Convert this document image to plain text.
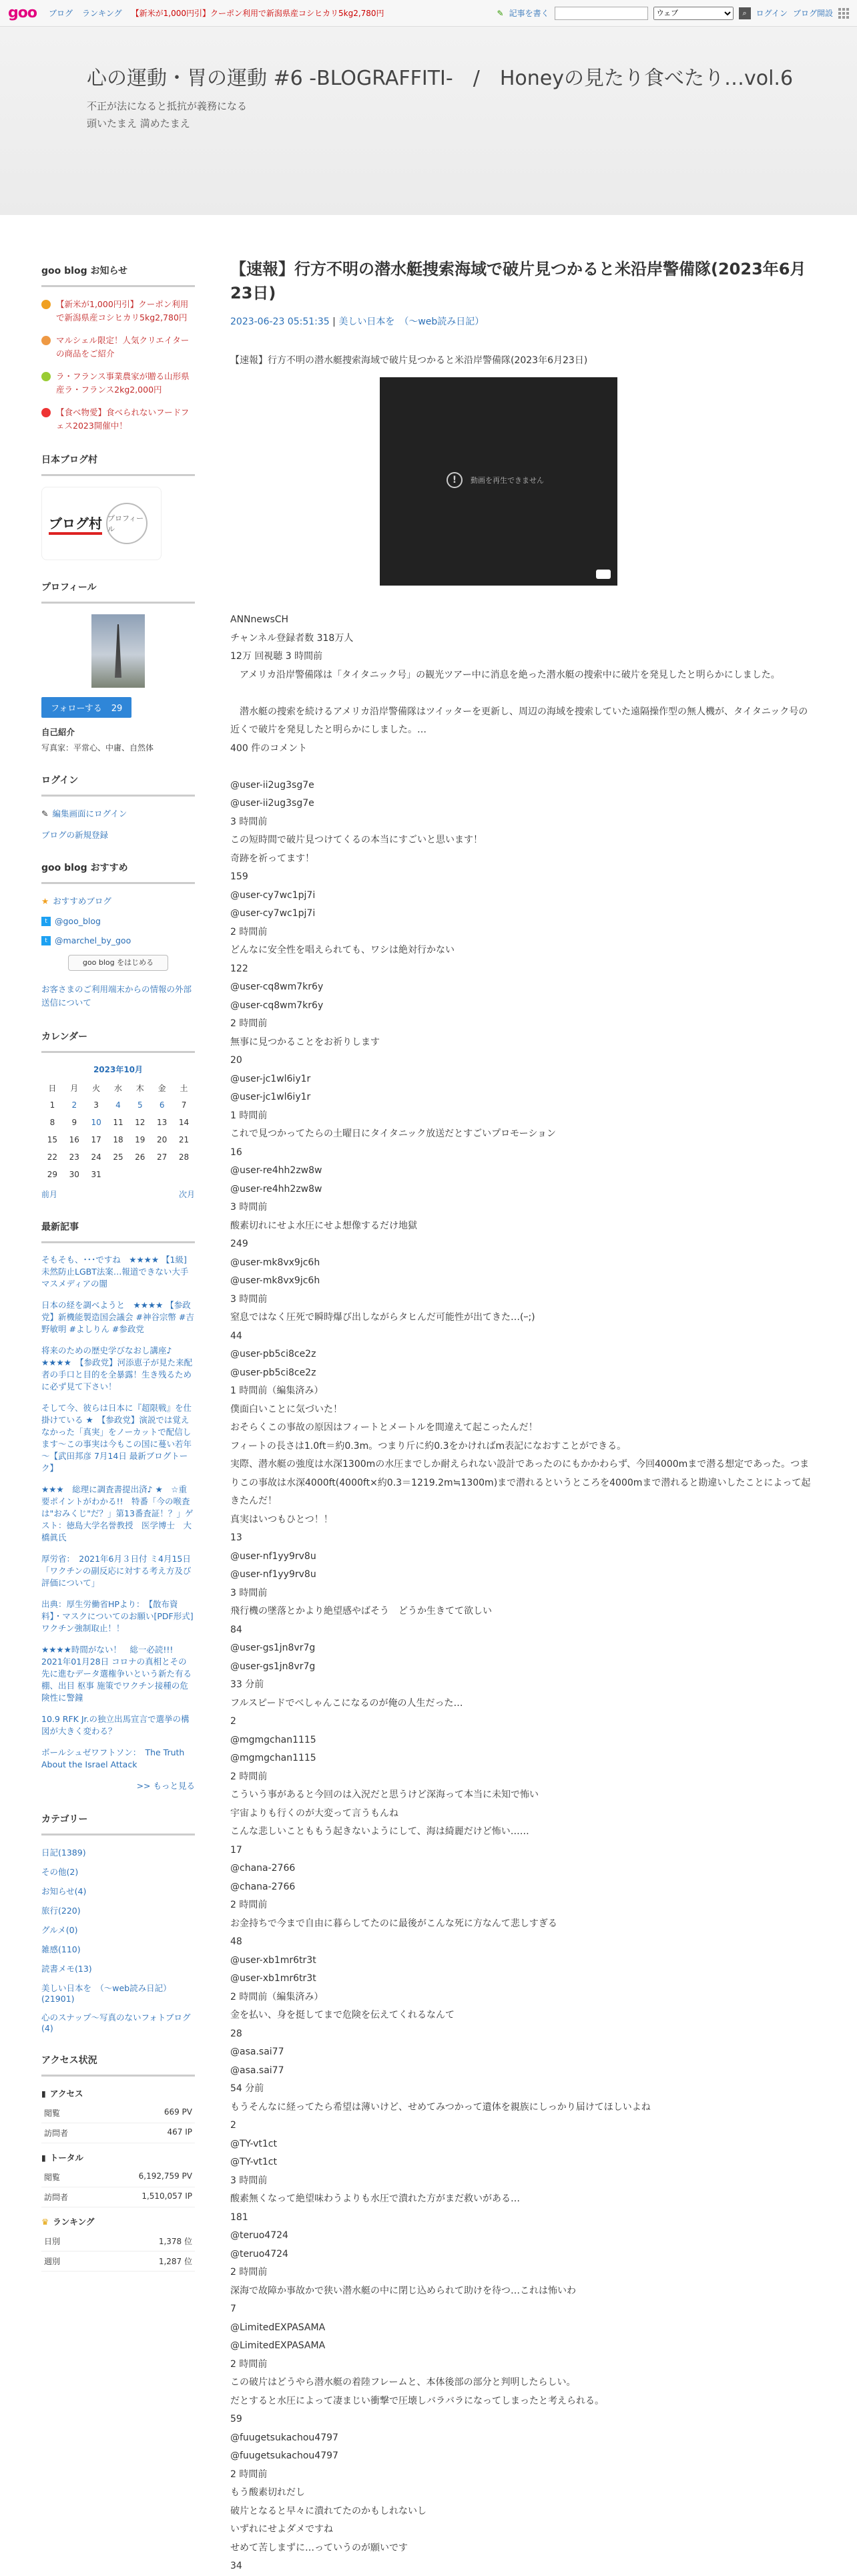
goo ブログ ランキング 【新米が1,000円引】クーポン利用で新潟県産コシヒカリ5kg2,780円	✎ 記事を書く
ウェブ	⌕	ログイン ブログ開設
心の運動・胃の運動 #6 -BLOGRAFFITI-　/　Honeyの見たり食べたり…vol.6
不正が法になると抵抗が義務になる
頭いたまえ 満めたまえ
goo blog お知らせ
【新米が1,000円引】クーポン利用で新潟県産コシヒカリ5kg2,780円
マルシェル限定！人気クリエイターの商品をご紹介
ラ・フランス事業農家が贈る山形県産ラ・フランス2kg2,000円
【食べ物愛】食べられないフードフェス2023開催中！
日本ブログ村
ブログ村 プロフィール
プロフィール
フォローする 29
自己紹介
写真家：平常心、中庸、自然体
ログイン
✎ 編集画面にログイン
ブログの新規登録
goo blog おすすめ
★ おすすめブログ
t @goo_blog
t @marchel_by_goo
goo blog をはじめる
お客さまのご利用端末からの情報の外部送信について
カレンダー
2023年10月
日	月	火	水	木	金	土
1	2	3	4	5	6	7
8	9	10	11	12	13	14
15	16	17	18	19	20	21
22	23	24	25	26	27	28
29	30	31				
前月	次月
最新記事
そもそも、･･･ですね　★★★★ 【1級]未然防止LGBT法案…報道できない大手マスメディアの闇
日本の経を調べようと　★★★★ 【参政党】新機能製造国会議会 #神谷宗幣 #吉野敏明 #よしりん #参政党
将来のための歴史学びなおし講座♪　★★★★　【参政党】河添恵子が見た来配者の手口と目的を全暴露！生き残るために必ず見て下さい！
そして今、彼らは日本に『超限戦』を仕掛けている ★　【参政党】演説では覚えなかった「真実」をノーカットで配信します～この事実は今もこの国に蔓い若年～【武田邦彦 7月14日 最新ブログトーク】
★★★　総理に調査書提出済♪ ★　☆重要ポイントがわかる!!　特番「今の喉査は"おみくじ"だ？」第13番査証！？」ゲスト：徳島大学名誉教授　医学博士　大橋眞氏
厚労省：　2021年6月３日付 ミ4月15日「ワクチンの副反応に対する考え方及び評価について」
出典：厚生労働省HPより：　【散布資料】・マスクについてのお願い[PDF形式]　ワクチン強制取止！！
★★★★時間がない！　総一必読!!!　2021年01月28日 コロナの真相とその先に進むデータ選権争いという新た有る棚、出目 枢事 施策でワクチン接種の危険性に警鐘
10.9 RFK Jr.の独立出馬宣言で選挙の構図が大きく変わる？
ボールシュゼワフトソン：　The Truth About the Israel Attack
>> もっと見る
カテゴリー
日記(1389)
その他(2)
お知らせ(4)
旅行(220)
グルメ(0)
雑感(110)
読書メモ(13)
美しい日本を　（〜web読み日記）(21901)
心のスナップ〜写真のないフォトブログ(4)
アクセス状況
▮ アクセス
閲覧	669 PV
訪問者	467 IP
▮ トータル
閲覧	6,192,759 PV
訪問者	1,510,057 IP
♛ ランキング
日別	1,378 位
週別	1,287 位
【速報】行方不明の潜水艇捜索海域で破片見つかると米沿岸警備隊(2023年6月23日)
2023-06-23 05:51:35 | 美しい日本を　（〜web読み日記）
【速報】行方不明の潜水艇捜索海域で破片見つかると米沿岸警備隊(2023年6月23日)
!	動画を再生できません

ANNnewsCH

チャンネル登録者数 318万人

12万 回視聴 3 時間前

　アメリカ沿岸警備隊は「タイタニック号」の観光ツアー中に消息を絶った潜水艇の捜索中に破片を発見したと明らかにしました。

　潜水艇の捜索を続けるアメリカ沿岸警備隊はツイッターを更新し、周辺の海域を捜索していた遠隔操作型の無人機が、タイタニック号の近くで破片を発見したと明らかにしました。…

400 件のコメント

@user-ii2ug3sg7e

@user-ii2ug3sg7e

3 時間前

この短時間で破片見つけてくるの本当にすごいと思います！

奇跡を祈ってます！

159

@user-cy7wc1pj7i

@user-cy7wc1pj7i

2 時間前

どんなに安全性を唱えられても、ワシは絶対行かない

122

@user-cq8wm7kr6y

@user-cq8wm7kr6y

2 時間前

無事に見つかることをお祈りします

20

@user-jc1wl6iy1r

@user-jc1wl6iy1r

1 時間前

これで見つかってたらの土曜日にタイタニック放送だとすごいプロモーション

16

@user-re4hh2zw8w

@user-re4hh2zw8w

3 時間前

酸素切れにせよ水圧にせよ想像するだけ地獄

249

@user-mk8vx9jc6h

@user-mk8vx9jc6h

3 時間前

窒息ではなく圧死で瞬時爆び出しながらタヒんだ可能性が出てきた…(ｰ;)

44

@user-pb5ci8ce2z

@user-pb5ci8ce2z

1 時間前（編集済み）

僕面白いことに気づいた！

おそらくこの事故の原因はフィートとメートルを間違えて起こったんだ！

フィートの長さは1.0ft＝約0.3m。つまり斤に約0.3をかければm表記になおすことができる。

実際、潜水艇の強度は水深1300mの水圧までしか耐えられない設計であったのにもかかわらず、今回4000mまで潜る想定であった。つまりこの事故は水深4000ft(4000ft×約0.3＝1219.2m≒1300m)まで潜れるというところを4000mまで潜れると勘違いしたことによって起きたんだ！

真実はいつもひとつ！！

13

@user-nf1yy9rv8u

@user-nf1yy9rv8u

3 時間前

飛行機の墜落とかより絶望感やばそう　どうか生きてて欲しい

84

@user-gs1jn8vr7g

@user-gs1jn8vr7g

33 分前

フルスピードでべしゃんこになるのが俺の人生だった…

2

@mgmgchan1115

@mgmgchan1115

2 時間前

こういう事があると今回のは入況だと思うけど深海って本当に未知で怖い

宇宙よりも行くのが大変って言うもんね

こんな悲しいことももう起きないようにして、海は綺麗だけど怖い……

17

@chana-2766

@chana-2766

2 時間前

お金持ちで今まで自由に暮らしてたのに最後がこんな死に方なんて悲しすぎる

48

@user-xb1mr6tr3t

@user-xb1mr6tr3t

2 時間前（編集済み）

金を払い、身を挺してまで危険を伝えてくれるなんて

28

@asa.sai77

@asa.sai77

54 分前

もうそんなに経ってたら希望は薄いけど、せめてみつかって遺体を親族にしっかり届けてほしいよね

2

@TY-vt1ct

@TY-vt1ct

3 時間前

酸素無くなって絶望味わうよりも水圧で潰れた方がまだ救いがある…

181

@teruo4724

@teruo4724

2 時間前

深海で故障か事故かで狭い潜水艇の中に閉じ込められて助けを待つ…これは怖いわ

7

@LimitedEXPASAMA

@LimitedEXPASAMA

2 時間前

この破片はどうやら潜水艇の着陸フレームと、本体後部の部分と判明したらしい。

だとすると水圧によって凄まじい衝撃で圧壊しバラバラになってしまったと考えられる。

59

@fuugetsukachou4797

@fuugetsukachou4797

2 時間前

もう酸素切れだし

破片となると早々に潰れてたのかもしれないし

いずれにせよダメですね

せめて苦しまずに…っていうのが願いです

34
